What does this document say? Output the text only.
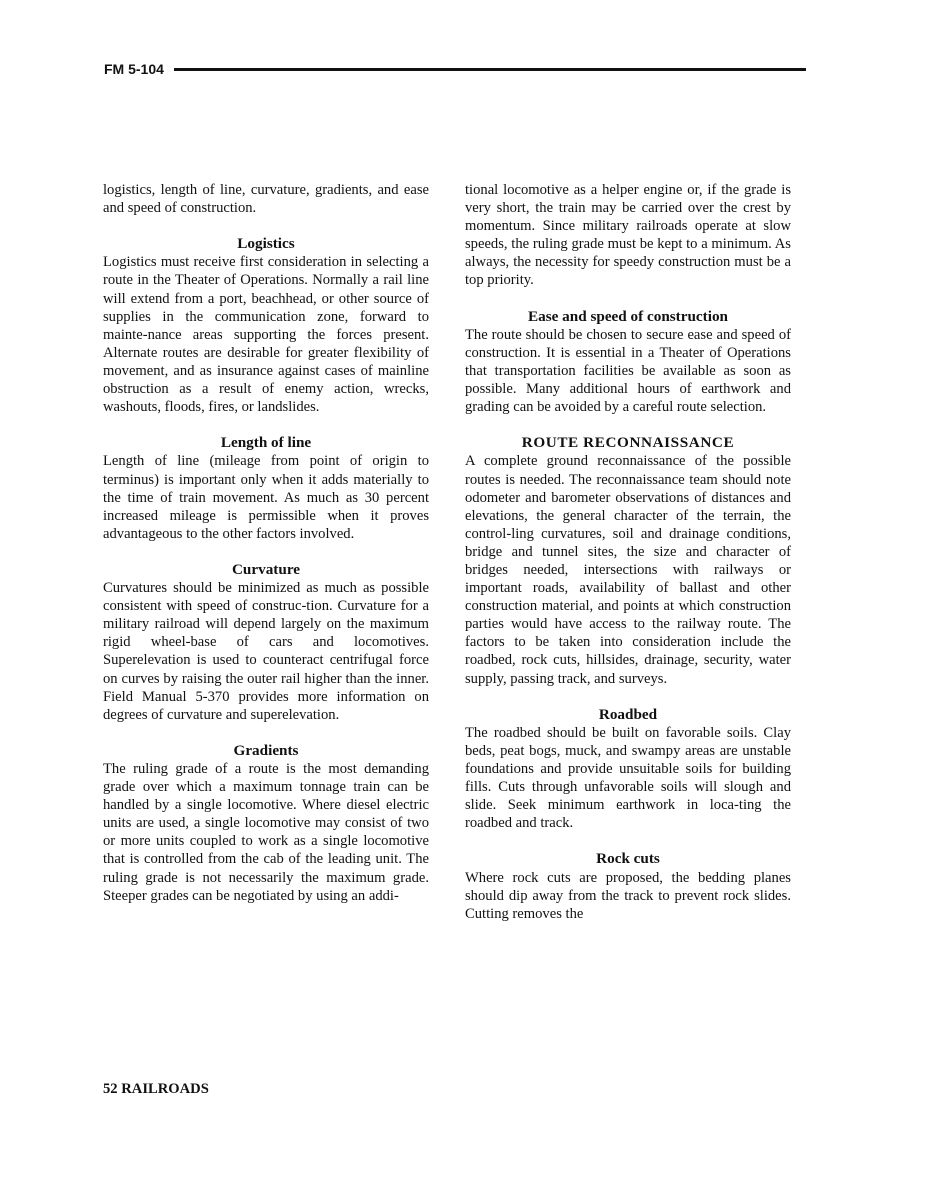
FM 5-104

logistics, length of line, curvature, gradients, and ease and speed of construction.

Logistics

Logistics must receive first consideration in selecting a route in the Theater of Operations. Normally a rail line will extend from a port, beachhead, or other source of supplies in the communication zone, forward to mainte-nance areas supporting the forces present. Alternate routes are desirable for greater flexibility of movement, and as insurance against cases of mainline obstruction as a result of enemy action, wrecks, washouts, floods, fires, or landslides.

Length of line

Length of line (mileage from point of origin to terminus) is important only when it adds materially to the time of train movement. As much as 30 percent increased mileage is permissible when it proves advantageous to the other factors involved.

Curvature

Curvatures should be minimized as much as possible consistent with speed of construc-tion. Curvature for a military railroad will depend largely on the maximum rigid wheel-base of cars and locomotives. Superelevation is used to counteract centrifugal force on curves by raising the outer rail higher than the inner. Field Manual 5-370 provides more information on degrees of curvature and superelevation.

Gradients

The ruling grade of a route is the most demanding grade over which a maximum tonnage train can be handled by a single locomotive. Where diesel electric units are used, a single locomotive may consist of two or more units coupled to work as a single locomotive that is controlled from the cab of the leading unit. The ruling grade is not necessarily the maximum grade. Steeper grades can be negotiated by using an addi-

tional locomotive as a helper engine or, if the grade is very short, the train may be carried over the crest by momentum. Since military railroads operate at slow speeds, the ruling grade must be kept to a minimum. As always, the necessity for speedy construction must be a top priority.

Ease and speed of construction

The route should be chosen to secure ease and speed of construction. It is essential in a Theater of Operations that transportation facilities be available as soon as possible. Many additional hours of earthwork and grading can be avoided by a careful route selection.

ROUTE RECONNAISSANCE

A complete ground reconnaissance of the possible routes is needed. The reconnaissance team should note odometer and barometer observations of distances and elevations, the general character of the terrain, the control-ling curvatures, soil and drainage conditions, bridge and tunnel sites, the size and character of bridges needed, intersections with railways or important roads, availability of ballast and other construction material, and points at which construction parties would have access to the railway route. The factors to be taken into consideration include the roadbed, rock cuts, hillsides, drainage, security, water supply, passing track, and surveys.

Roadbed

The roadbed should be built on favorable soils. Clay beds, peat bogs, muck, and swampy areas are unstable foundations and provide unsuitable soils for building fills. Cuts through unfavorable soils will slough and slide. Seek minimum earthwork in loca-ting the roadbed and track.

Rock cuts

Where rock cuts are proposed, the bedding planes should dip away from the track to prevent rock slides. Cutting removes the

52 RAILROADS
